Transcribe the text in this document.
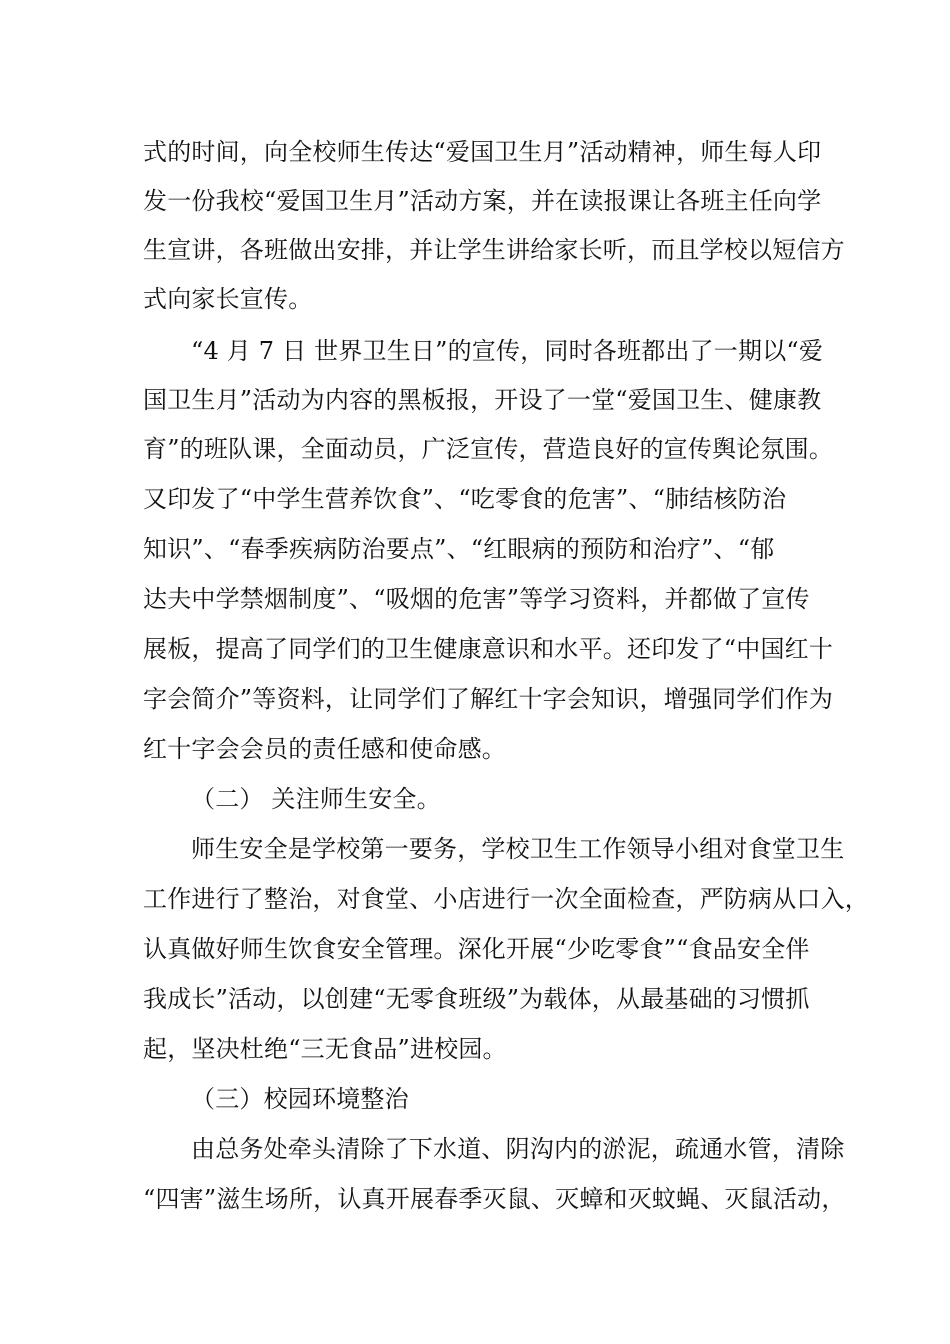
式的时间，向全校师生传达“爱国卫生月”活动精神，师生每人印
发一份我校“爱国卫生月”活动方案，并在读报课让各班主任向学
生宣讲，各班做出安排，并让学生讲给家长听，而且学校以短信方
式向家长宣传。
“4 月 7 日 世界卫生日”的宣传，同时各班都出了一期以“爱
国卫生月”活动为内容的黑板报，开设了一堂“爱国卫生、健康教
育”的班队课，全面动员，广泛宣传，营造良好的宣传舆论氛围。
又印发了“中学生营养饮食”、“吃零食的危害”、“肺结核防治
知识”、“春季疾病防治要点”、“红眼病的预防和治疗”、“郁
达夫中学禁烟制度”、“吸烟的危害”等学习资料，并都做了宣传
展板，提高了同学们的卫生健康意识和水平。还印发了“中国红十
字会简介”等资料，让同学们了解红十字会知识，增强同学们作为
红十字会会员的责任感和使命感。
（二） 关注师生安全。
师生安全是学校第一要务，学校卫生工作领导小组对食堂卫生
工作进行了整治，对食堂、小店进行一次全面检查，严防病从口入，
认真做好师生饮食安全管理。深化开展“少吃零食”“食品安全伴
我成长”活动，以创建“无零食班级”为载体，从最基础的习惯抓
起，坚决杜绝“三无食品”进校园。
（三）校园环境整治
由总务处牵头清除了下水道、阴沟内的淤泥，疏通水管，清除
“四害”滋生场所，认真开展春季灭鼠、灭蟑和灭蚊蝇、灭鼠活动，
